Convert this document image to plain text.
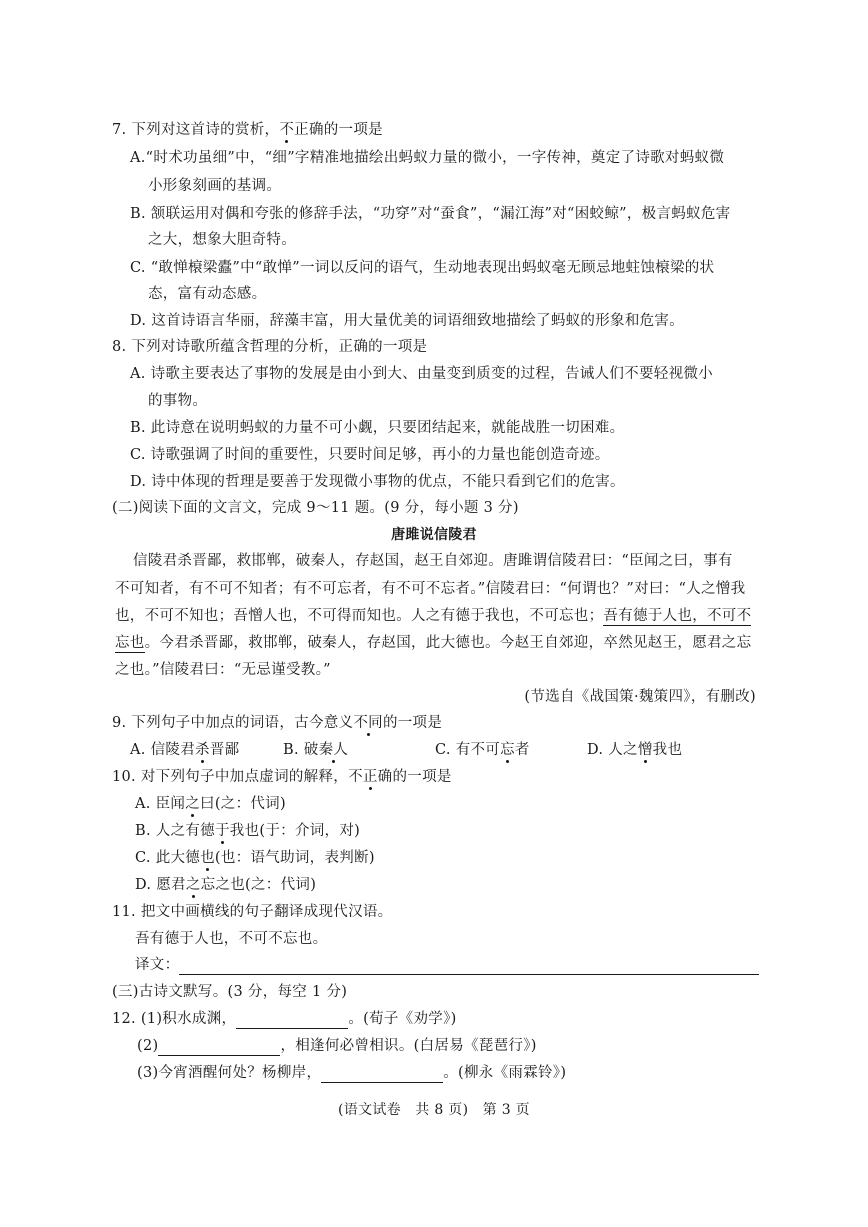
7. 下列对这首诗的赏析，不正确的一项是
A.“时术功虽细”中，“细”字精准地描绘出蚂蚁力量的微小，一字传神，奠定了诗歌对蚂蚁微
小形象刻画的基调。
B. 颔联运用对偶和夸张的修辞手法，“功穿”对“蚕食”，“漏江海”对“困蛟鲸”，极言蚂蚁危害
之大，想象大胆奇特。
C. “敢惮榱梁蠹”中“敢惮”一词以反问的语气，生动地表现出蚂蚁毫无顾忌地蛀蚀榱梁的状
态，富有动态感。
D. 这首诗语言华丽，辞藻丰富，用大量优美的词语细致地描绘了蚂蚁的形象和危害。
8. 下列对诗歌所蕴含哲理的分析，正确的一项是
A. 诗歌主要表达了事物的发展是由小到大、由量变到质变的过程，告诫人们不要轻视微小
的事物。
B. 此诗意在说明蚂蚁的力量不可小觑，只要团结起来，就能战胜一切困难。
C. 诗歌强调了时间的重要性，只要时间足够，再小的力量也能创造奇迹。
D. 诗中体现的哲理是要善于发现微小事物的优点，不能只看到它们的危害。
(二)阅读下面的文言文，完成 9～11 题。(9 分，每小题 3 分)
唐雎说信陵君
信陵君杀晋鄙，救邯郸，破秦人，存赵国，赵王自郊迎。唐雎谓信陵君曰：“臣闻之曰，事有
不可知者，有不可不知者；有不可忘者，有不可不忘者。”信陵君曰：“何谓也？”对曰：“人之憎我
也，不可不知也；吾憎人也，不可得而知也。人之有德于我也，不可忘也；吾有德于人也，不可不
忘也。今君杀晋鄙，救邯郸，破秦人，存赵国，此大德也。今赵王自郊迎，卒然见赵王，愿君之忘
之也。”信陵君曰：“无忌谨受教。”
(节选自《战国策·魏策四》，有删改)
9. 下列句子中加点的词语，古今意义不同的一项是
A. 信陵君杀晋鄙	B. 破秦人	C. 有不可忘者	D. 人之憎我也
10. 对下列句子中加点虚词的解释，不正确的一项是
A. 臣闻之曰(之：代词)
B. 人之有德于我也(于：介词，对)
C. 此大德也(也：语气助词，表判断)
D. 愿君之忘之也(之：代词)
11. 把文中画横线的句子翻译成现代汉语。
吾有德于人也，不可不忘也。
译文：
(三)古诗文默写。(3 分，每空 1 分)
12. (1)积水成渊，	。(荀子《劝学》)
(2)	，相逢何必曾相识。(白居易《琵琶行》)
(3)今宵酒醒何处？杨柳岸，	。(柳永《雨霖铃》)
(语文试卷　共 8 页)　第 3 页
